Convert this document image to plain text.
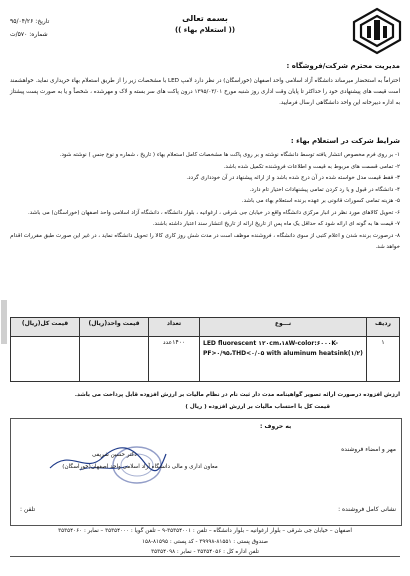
بسمه تعالی
(( استعلام بهاء ))
تاریخ: ۹۵/۰۴/۲۶
شماره: ۵۷۰/ت
مدیریت محترم شرکت/فروشگاه :
احتراماً به استحضار میرساند دانشگاه آزاد اسلامی واحد اصفهان (خوراسگان) در نظر دارد لامپ LED با مشخصات زیر را از طریق استعلام بهاء خریداری نماید. خواهشمند است قیمت های پیشنهادی خود را حداکثر تا پایان وقت اداری روز شنبه مورخ ۱۳۹۵/۰۳/۰۱ درون پاکت های سر بسته و لاک و مهرشده ، شخصاً و یا به صورت پست پیشتاز به اداره دبیرخانه این واحد دانشگاهی ارسال فرمایید.
شرایط شرکت در استعلام بهاء :
۱- بر روی فرم مخصوص انتشار یافته توسط دانشگاه نوشته و بر روی پاکت ها مشخصات کامل استعلام بهاء ( تاریخ ، شماره و نوع جنس ) نوشته شود.
۲- تمامی قسمت های مربوط به قیمت و اطلاعات فروشنده تکمیل شده باشد.
۳- فقط قیمت مدل خواسته شده در آن درج شده باشد و از ارائه پیشنهاد در آن خودداری گردد.
۴- دانشگاه در قبول و یا رد کردن تمامی پیشنهادات اختیار تام دارد.
۵- هزینه تمامی کسورات قانونی بر عهده برنده استعلام بهاء می باشد.
۶- تحویل کالاهای مورد نظر در انبار مرکزی دانشگاه واقع در خیابان جی شرقی ، ارغوانیه ، بلوار دانشگاه ، دانشگاه آزاد اسلامی واحد اصفهان (خوراسگان) می باشد.
۷- قیمت ها به گونه ای ارائه شود که حداقل یک ماه پس از تاریخ ارائه از تاریخ انتشار سند اعتبار داشته باشند.
۸- درصورت برنده شدن و اعلام کتبی از سوی دانشگاه ، فروشنده موظف است در مدت شش روز کاری کالا را تحویل دانشگاه نماید ، در غیر این صورت طبق مقررات اقدام خواهد شد.
ردیف	نـــوع	تعداد	قیمت واحد(ریال)	قیمت کل(ریال)
۱	LED fluorescent ۱۲۰cm،۱۸W-color:۶۰۰۰K-
PF>۰/۹۵،THD<۰/۰۵ with aluminum heatsink(۱/۲)	۱۴۰۰عدد		
ارزش افزوده درصورت ارائه تصویر گواهینامه مدت دار ثبت نام در نظام مالیات بر ارزش افزوده قابل پرداخت می باشد.
قیمت کل با احتساب مالیات بر ارزش افزوده ( ریال )
به حروف :
مهر و امضاء فروشنده
دکتر حسین شریفی
معاون اداری و مالی دانشگاه آزاد اسلامی واحد اصفهان(خوراسگان)
نشانی کامل فروشنده :
تلفن :
اصفهان – خیابان جی شرقی – بلوار ارغوانیه – بلوار دانشگاه – تلفن : ۳۵۳۵۴۰۰۱-۹ – تلفن گویا : ۳۵۳۵۴۰۰۰ – نمابر : ۳۵۳۵۴۰۶۰
صندوق پستی : ۸۱۵۵۱-۳۹۹۹۸ - کد پستی : ۸۱۵۹۵-۱۵۸
تلفن اداره کل : ۳۵۳۵۴۰۵۶ - نمابر : ۳۵۳۵۴۰۹۸
